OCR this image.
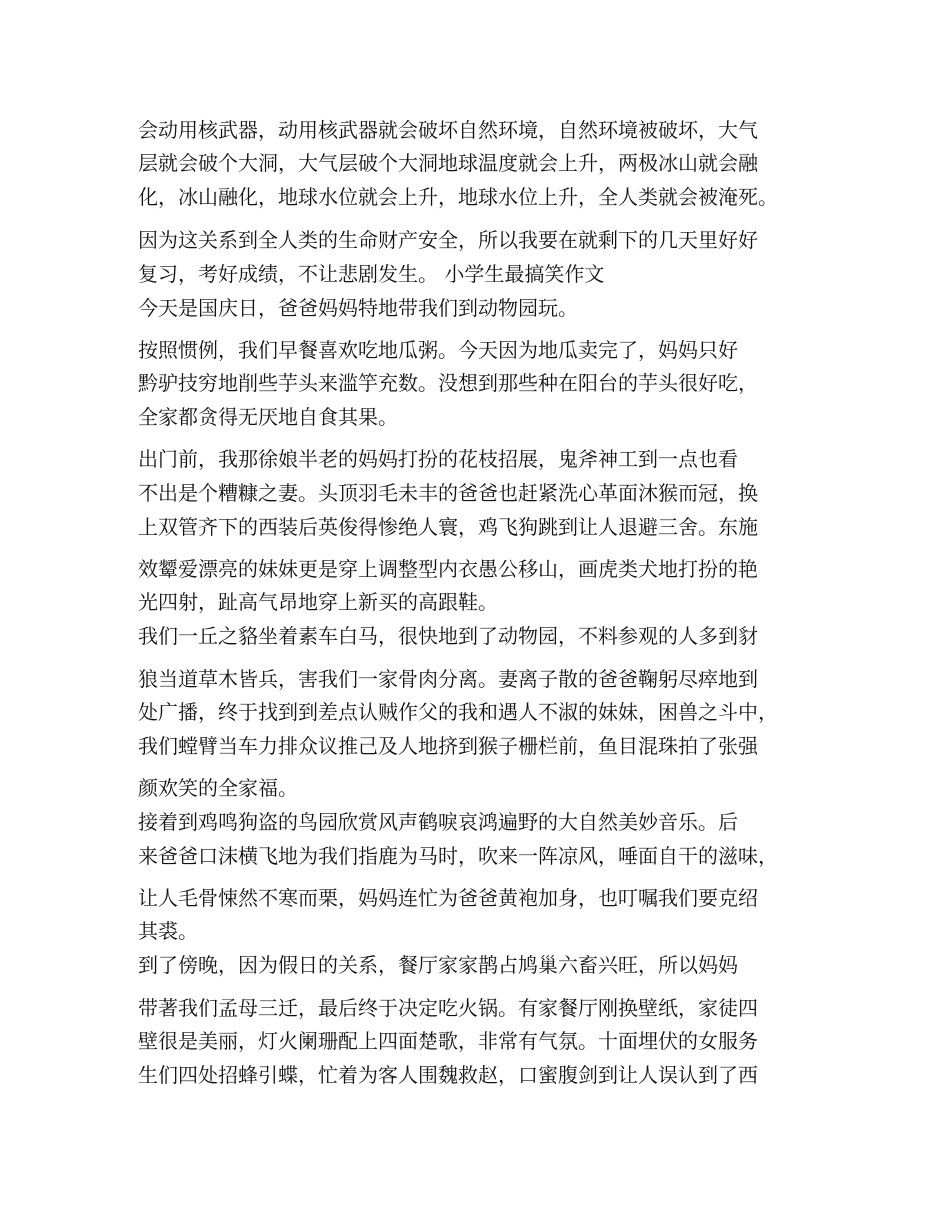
会动用核武器，动用核武器就会破坏自然环境，自然环境被破坏，大气
层就会破个大洞，大气层破个大洞地球温度就会上升，两极冰山就会融
化，冰山融化，地球水位就会上升，地球水位上升，全人类就会被淹死。
因为这关系到全人类的生命财产安全，所以我要在就剩下的几天里好好
复习，考好成绩，不让悲剧发生。 小学生最搞笑作文
今天是国庆日，爸爸妈妈特地带我们到动物园玩。
按照惯例，我们早餐喜欢吃地瓜粥。今天因为地瓜卖完了，妈妈只好
黔驴技穷地削些芋头来滥竽充数。没想到那些种在阳台的芋头很好吃，
全家都贪得无厌地自食其果。
出门前，我那徐娘半老的妈妈打扮的花枝招展，鬼斧神工到一点也看
不出是个糟糠之妻。头顶羽毛未丰的爸爸也赶紧洗心革面沐猴而冠，换
上双管齐下的西装后英俊得惨绝人寰，鸡飞狗跳到让人退避三舍。东施
效颦爱漂亮的妹妹更是穿上调整型内衣愚公移山，画虎类犬地打扮的艳
光四射，趾高气昂地穿上新买的高跟鞋。
我们一丘之貉坐着素车白马，很快地到了动物园，不料参观的人多到豺
狼当道草木皆兵，害我们一家骨肉分离。妻离子散的爸爸鞠躬尽瘁地到
处广播，终于找到到差点认贼作父的我和遇人不淑的妹妹，困兽之斗中，
我们螳臂当车力排众议推己及人地挤到猴子栅栏前，鱼目混珠拍了张强
颜欢笑的全家福。
接着到鸡鸣狗盗的鸟园欣赏风声鹤唳哀鸿遍野的大自然美妙音乐。后
来爸爸口沫横飞地为我们指鹿为马时，吹来一阵凉风，唾面自干的滋味，
让人毛骨悚然不寒而栗，妈妈连忙为爸爸黄袍加身，也叮嘱我们要克绍
其裘。
到了傍晚，因为假日的关系，餐厅家家鹊占鸠巢六畜兴旺，所以妈妈
带著我们孟母三迁，最后终于决定吃火锅。有家餐厅刚换壁纸，家徒四
壁很是美丽，灯火阑珊配上四面楚歌，非常有气氛。十面埋伏的女服务
生们四处招蜂引蝶，忙着为客人围魏救赵，口蜜腹剑到让人误认到了西
